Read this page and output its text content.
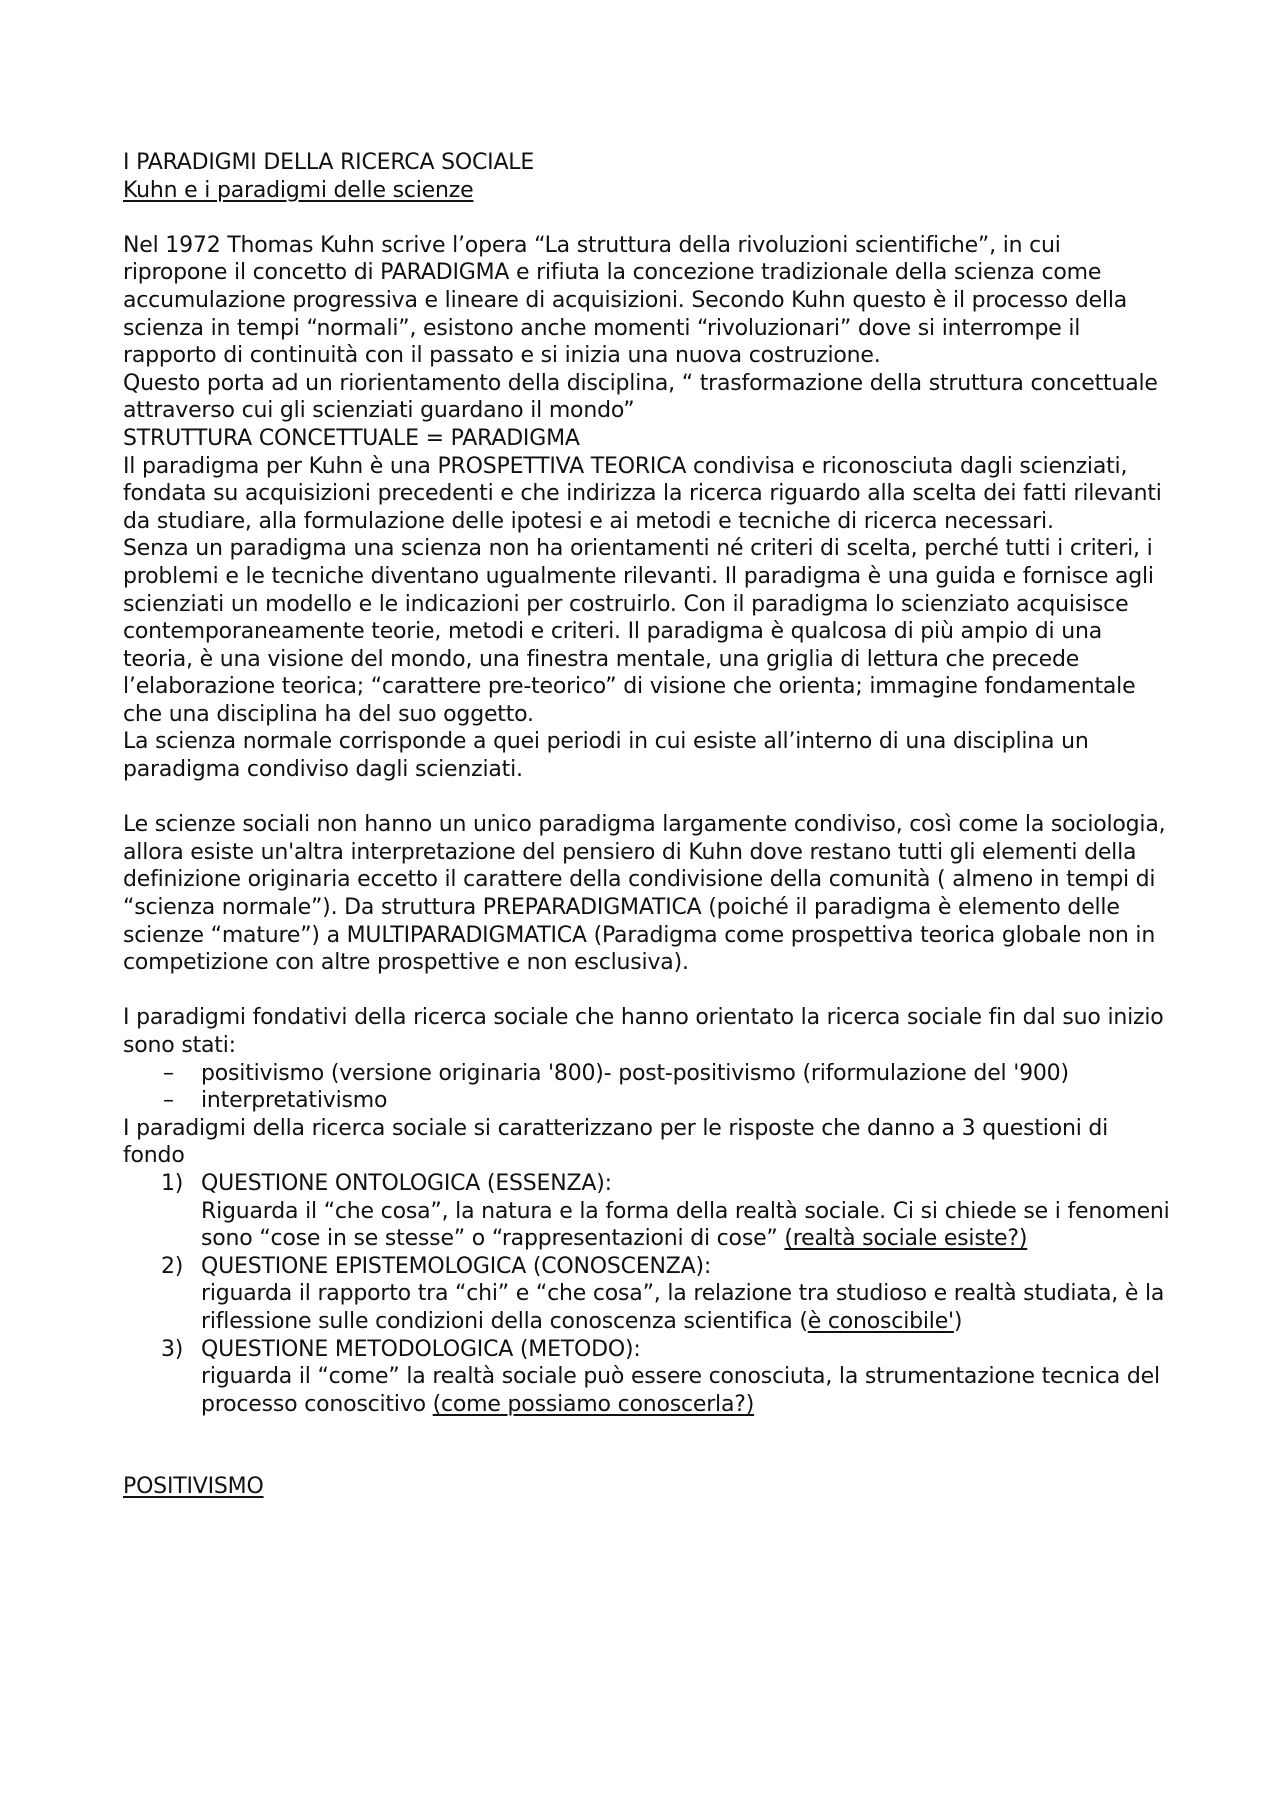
I PARADIGMI DELLA RICERCA SOCIALE

Kuhn e i paradigmi delle scienze

Nel 1972 Thomas Kuhn scrive l’opera “La struttura della rivoluzioni scientifiche”, in cui ripropone il concetto di PARADIGMA e rifiuta la concezione tradizionale della scienza come accumulazione progressiva e lineare di acquisizioni. Secondo Kuhn questo è il processo della scienza in tempi “normali”, esistono anche momenti “rivoluzionari” dove si interrompe il rapporto di continuità con il passato e si inizia una nuova costruzione.

Questo porta ad un riorientamento della disciplina, “ trasformazione della struttura concettuale attraverso cui gli scienziati guardano il mondo”

STRUTTURA CONCETTUALE = PARADIGMA

Il paradigma per Kuhn è una PROSPETTIVA TEORICA condivisa e riconosciuta dagli scienziati, fondata su acquisizioni precedenti e che indirizza la ricerca riguardo alla scelta dei fatti rilevanti da studiare, alla formulazione delle ipotesi e ai metodi e tecniche di ricerca necessari.

Senza un paradigma una scienza non ha orientamenti né criteri di scelta, perché tutti i criteri, i problemi e le tecniche diventano ugualmente rilevanti. Il paradigma è una guida e fornisce agli scienziati un modello e le indicazioni per costruirlo. Con il paradigma lo scienziato acquisisce contemporaneamente teorie, metodi e criteri. Il paradigma è qualcosa di più ampio di una teoria, è una visione del mondo, una finestra mentale, una griglia di lettura che precede l’elaborazione teorica; “carattere pre-teorico” di visione che orienta; immagine fondamentale che una disciplina ha del suo oggetto.

La scienza normale corrisponde a quei periodi in cui esiste all’interno di una disciplina un paradigma condiviso dagli scienziati.

Le scienze sociali non hanno un unico paradigma largamente condiviso, così come la sociologia, allora esiste un'altra interpretazione del pensiero di Kuhn dove restano tutti gli elementi della definizione originaria eccetto il carattere della condivisione della comunità ( almeno in tempi di “scienza normale”). Da struttura PREPARADIGMATICA (poiché il paradigma è elemento delle scienze “mature”) a MULTIPARADIGMATICA (Paradigma come prospettiva teorica globale non in competizione con altre prospettive e non esclusiva).

I paradigmi fondativi della ricerca sociale che hanno orientato la ricerca sociale fin dal suo inizio sono stati:

– positivismo (versione originaria '800)- post-positivismo (riformulazione del '900)
– interpretativismo

I paradigmi della ricerca sociale si caratterizzano per le risposte che danno a 3 questioni di fondo

1) QUESTIONE ONTOLOGICA (ESSENZA):
Riguarda il “che cosa”, la natura e la forma della realtà sociale. Ci si chiede se i fenomeni sono “cose in se stesse” o “rappresentazioni di cose” (realtà sociale esiste?)
2) QUESTIONE EPISTEMOLOGICA (CONOSCENZA):
riguarda il rapporto tra “chi” e “che cosa”, la relazione tra studioso e realtà studiata, è la riflessione sulle condizioni della conoscenza scientifica (è conoscibile')
3) QUESTIONE METODOLOGICA (METODO):
riguarda il “come” la realtà sociale può essere conosciuta, la strumentazione tecnica del processo conoscitivo (come possiamo conoscerla?)

POSITIVISMO
